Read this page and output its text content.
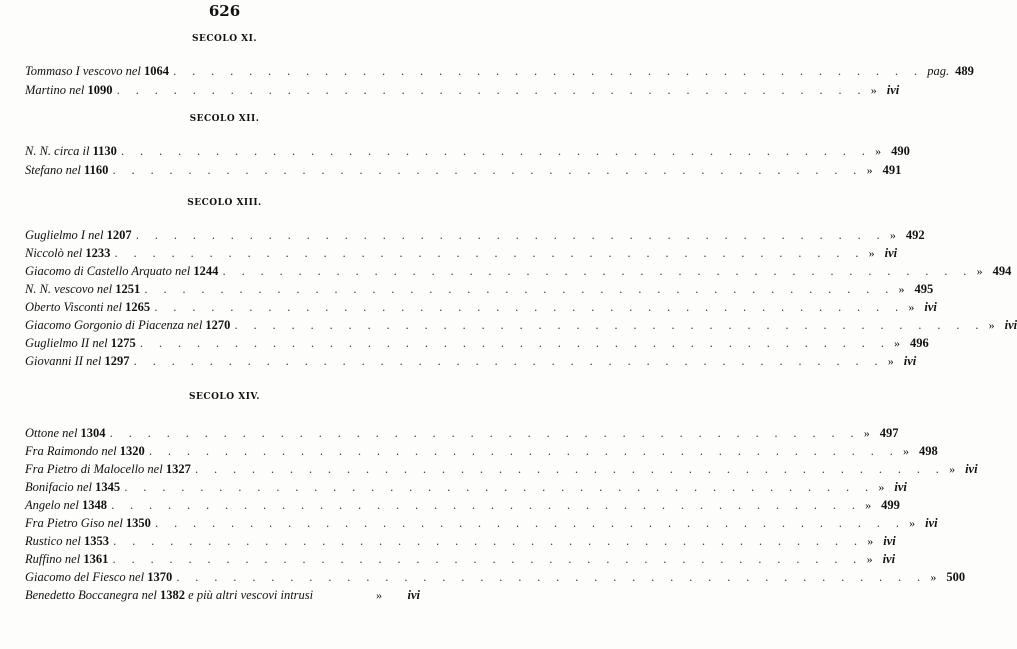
626
SECOLO XI.
Tommaso I vescovo nel 1064 . . . . . . . . . . . . . . . . . . . . . . . . . . . . . . . . . . . . . . . . pag. 489
Martino nel 1090 . . . . . . . . . . . . . . . . . . . . . . . . . . . . . . . . . . . . . . . . » ivi
SECOLO XII.
N. N. circa il 1130 . . . . . . . . . . . . . . . . . . . . . . . . . . . . . . . . . . . . . . . . » 490
Stefano nel 1160 . . . . . . . . . . . . . . . . . . . . . . . . . . . . . . . . . . . . . . . . » 491
SECOLO XIII.
Guglielmo I nel 1207 . . . . . . . . . . . . . . . . . . . . . . . . . . . . . . . . . . . . . . . . » 492
Niccolò nel 1233 . . . . . . . . . . . . . . . . . . . . . . . . . . . . . . . . . . . . . . . . » ivi
Giacomo di Castello Arquato nel 1244 . . . . . . . . . . . . . . . . . . . . . . . . . . . . . . . . . . . . . . . . » 494
N. N. vescovo nel 1251 . . . . . . . . . . . . . . . . . . . . . . . . . . . . . . . . . . . . . . . . » 495
Oberto Visconti nel 1265 . . . . . . . . . . . . . . . . . . . . . . . . . . . . . . . . . . . . . . . . » ivi
Giacomo Gorgonio di Piacenza nel 1270 . . . . . . . . . . . . . . . . . . . . . . . . . . . . . . . . . . . . . . . . » ivi
Guglielmo II nel 1275 . . . . . . . . . . . . . . . . . . . . . . . . . . . . . . . . . . . . . . . . » 496
Giovanni II nel 1297 . . . . . . . . . . . . . . . . . . . . . . . . . . . . . . . . . . . . . . . . » ivi
SECOLO XIV.
Ottone nel 1304 . . . . . . . . . . . . . . . . . . . . . . . . . . . . . . . . . . . . . . . . » 497
Fra Raimondo nel 1320 . . . . . . . . . . . . . . . . . . . . . . . . . . . . . . . . . . . . . . . . » 498
Fra Pietro di Malocello nel 1327 . . . . . . . . . . . . . . . . . . . . . . . . . . . . . . . . . . . . . . . . » ivi
Bonifacio nel 1345 . . . . . . . . . . . . . . . . . . . . . . . . . . . . . . . . . . . . . . . . » ivi
Angelo nel 1348 . . . . . . . . . . . . . . . . . . . . . . . . . . . . . . . . . . . . . . . . » 499
Fra Pietro Giso nel 1350 . . . . . . . . . . . . . . . . . . . . . . . . . . . . . . . . . . . . . . . . » ivi
Rustico nel 1353 . . . . . . . . . . . . . . . . . . . . . . . . . . . . . . . . . . . . . . . . » ivi
Ruffino nel 1361 . . . . . . . . . . . . . . . . . . . . . . . . . . . . . . . . . . . . . . . . » ivi
Giacomo del Fiesco nel 1370 . . . . . . . . . . . . . . . . . . . . . . . . . . . . . . . . . . . . . . . . » 500
Benedetto Boccanegra nel 1382 e più altri vescovi intrusi	»	ivi
